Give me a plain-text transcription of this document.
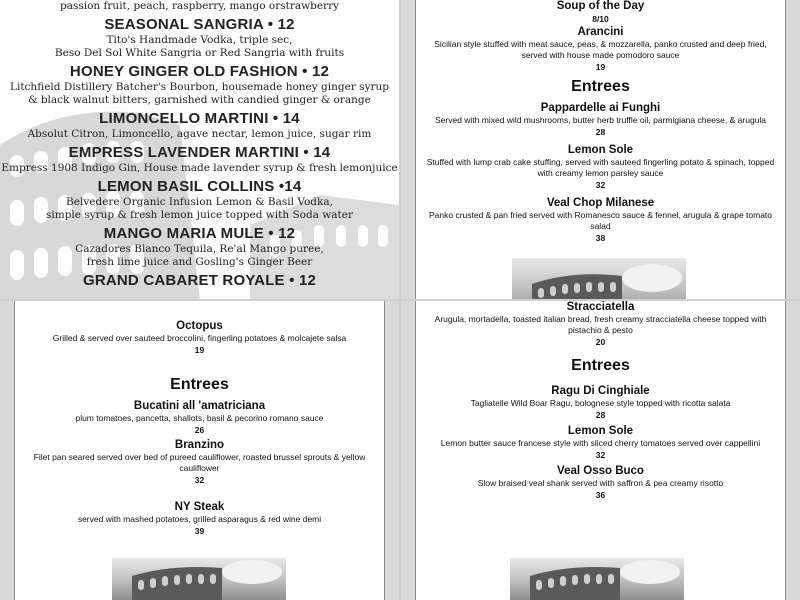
passion fruit, peach, raspberry, mango orstrawberry
SEASONAL SANGRIA • 12
Tito's Handmade Vodka, triple sec,
Beso Del Sol White Sangria or Red Sangria with fruits
HONEY GINGER OLD FASHION • 12
Litchfield Distillery Batcher's Bourbon, housemade honey ginger syrup
& black walnut bitters, garnished with candied ginger & orange
LIMONCELLO MARTINI • 14
Absolut Citron, Limoncello, agave nectar, lemon juice, sugar rim
EMPRESS LAVENDER MARTINI • 14
Empress 1908 Indigo Gin, House made lavender syrup & fresh lemonjuice
LEMON BASIL COLLINS •14
Belvedere Organic Infusion Lemon & Basil Vodka,
simple syrup & fresh lemon juice topped with Soda water
MANGO MARIA MULE • 12
Cazadores Blanco Tequila, Re'al Mango puree,
fresh lime juice and Gosling's Ginger Beer
GRAND CABARET ROYALE • 12
Soup of the Day
8/10
Arancini
Sicilian style stuffed with meat sauce, peas, & mozzarella, panko crusted and deep fried, served with house made pomodoro sauce
19
Entrees
Pappardelle ai Funghi
Served with mixed wild mushrooms, butter herb truffle oil, parmigiana cheese, & arugula
28
Lemon Sole
Stuffed with lump crab cake stuffing, served with sauteed fingerling potato & spinach, topped with creamy lemon parsley sauce
32
Veal Chop Milanese
Panko crusted & pan fried served with Romanesco sauce & fennel, arugula & grape tomato salad
38
Octopus
Grilled & served over sauteed broccolini, fingerling potatoes & molcajete salsa
19
Entrees
Bucatini all 'amatriciana
plum tomatoes, pancetta, shallots, basil & pecorino romano sauce
26
Branzino
Filet pan seared served over bed of pureed cauliflower, roasted brussel sprouts & yellow cauliflower
32
NY Steak
served with mashed potatoes, grilled asparagus & red wine demi
39
Stracciatella
Arugula, mortadella, toasted italian bread, fresh creamy stracciatella cheese topped with pistachio & pesto
20
Entrees
Ragu Di Cinghiale
Tagliatelle Wild Boar Ragu, bolognese style topped with ricotta salata
28
Lemon Sole
Lemon butter sauce francese style with sliced cherry tomatoes served over cappellini
32
Veal Osso Buco
Slow braised veal shank served with saffron & pea creamy risotto
36
